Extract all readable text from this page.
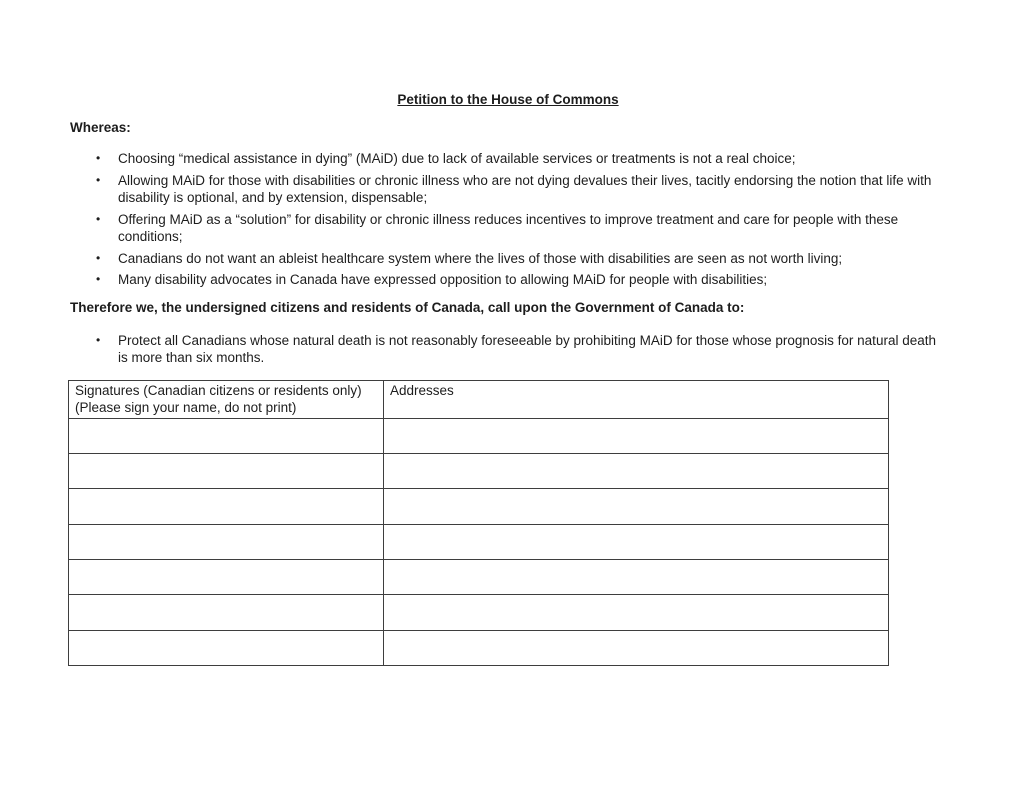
Petition to the House of Commons
Whereas:
• Choosing “medical assistance in dying” (MAiD) due to lack of available services or treatments is not a real choice;
• Allowing MAiD for those with disabilities or chronic illness who are not dying devalues their lives, tacitly endorsing the notion that life with disability is optional, and by extension, dispensable;
• Offering MAiD as a “solution” for disability or chronic illness reduces incentives to improve treatment and care for people with these conditions;
• Canadians do not want an ableist healthcare system where the lives of those with disabilities are seen as not worth living;
• Many disability advocates in Canada have expressed opposition to allowing MAiD for people with disabilities;
Therefore we, the undersigned citizens and residents of Canada, call upon the Government of Canada to:
• Protect all Canadians whose natural death is not reasonably foreseeable by prohibiting MAiD for those whose prognosis for natural death is more than six months.
Signatures (Canadian citizens or residents only)
(Please sign your name, do not print)	Addresses
